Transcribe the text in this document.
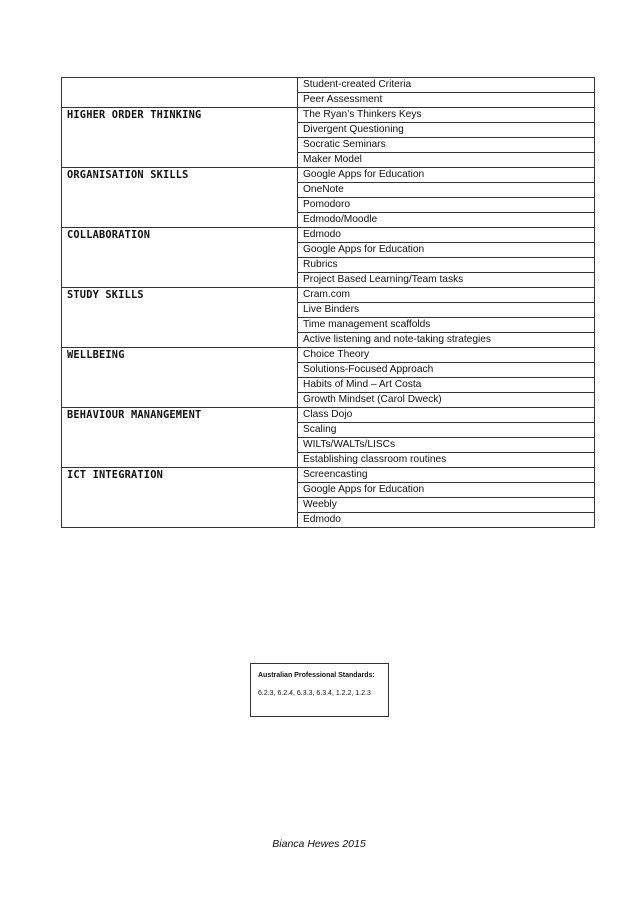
	Student-created Criteria
	Peer Assessment
HIGHER ORDER THINKING	The Ryan’s Thinkers Keys
	Divergent Questioning
	Socratic Seminars
	Maker Model
ORGANISATION SKILLS	Google Apps for Education
	OneNote
	Pomodoro
	Edmodo/Moodle
COLLABORATION	Edmodo
	Google Apps for Education
	Rubrics
	Project Based Learning/Team tasks
STUDY SKILLS	Cram.com
	Live Binders
	Time management scaffolds
	Active listening and note-taking strategies
WELLBEING	Choice Theory
	Solutions-Focused Approach
	Habits of Mind – Art Costa
	Growth Mindset (Carol Dweck)
BEHAVIOUR MANANGEMENT	Class Dojo
	Scaling
	WILTs/WALTs/LISCs
	Establishing classroom routines
ICT INTEGRATION	Screencasting
	Google Apps for Education
	Weebly
	Edmodo
Australian Professional Standards:
6.2.3, 6.2.4, 6.3.3, 6.3.4, 1.2.2, 1.2.3
Bianca Hewes 2015
